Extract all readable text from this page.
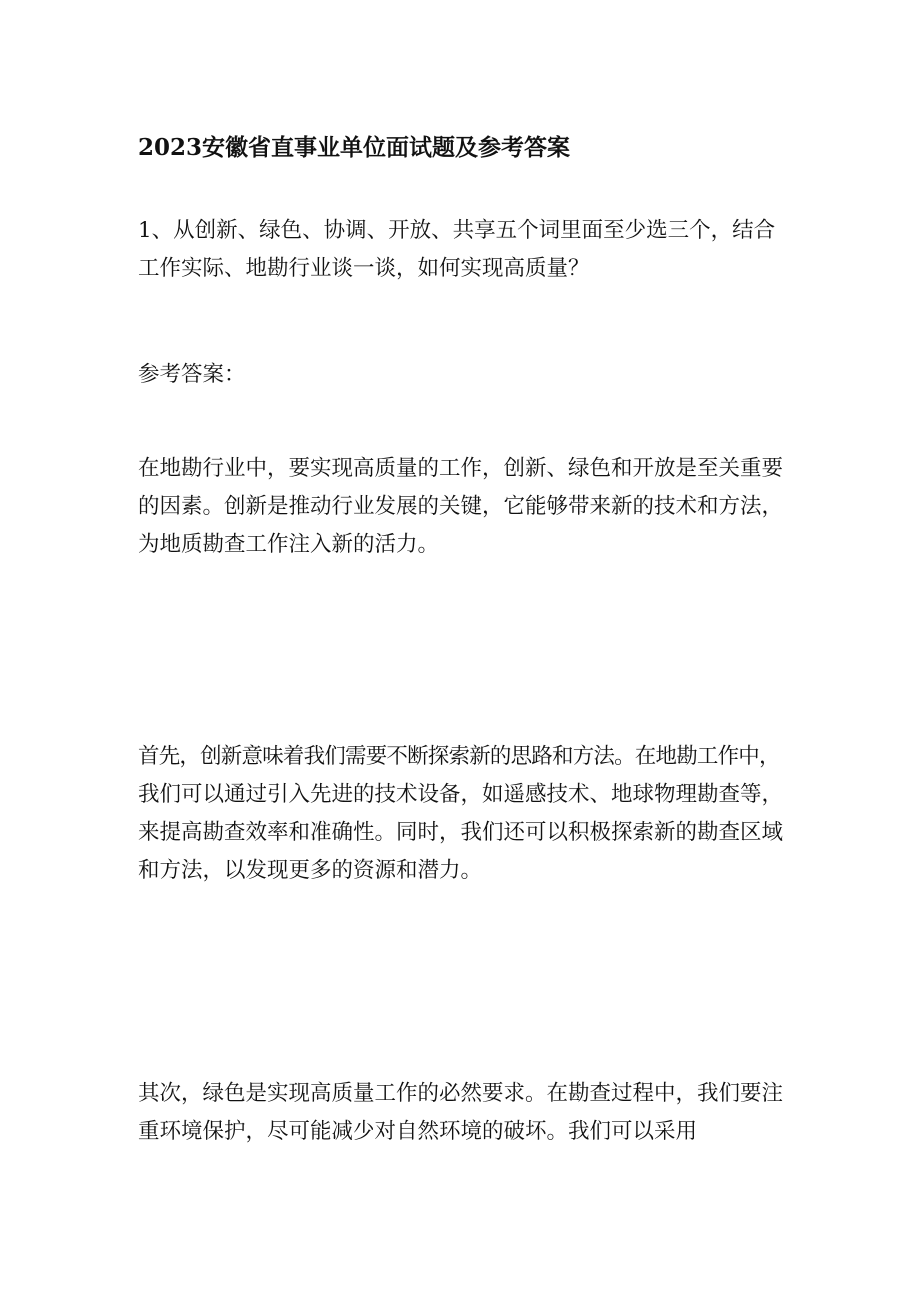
2023安徽省直事业单位面试题及参考答案
1、从创新、绿色、协调、开放、共享五个词里面至少选三个，结合
工作实际、地勘行业谈一谈，如何实现高质量？
参考答案：
在地勘行业中，要实现高质量的工作，创新、绿色和开放是至关重要
的因素。创新是推动行业发展的关键，它能够带来新的技术和方法，
为地质勘查工作注入新的活力。
首先，创新意味着我们需要不断探索新的思路和方法。在地勘工作中，
我们可以通过引入先进的技术设备，如遥感技术、地球物理勘查等，
来提高勘查效率和准确性。同时，我们还可以积极探索新的勘查区域
和方法，以发现更多的资源和潜力。
其次，绿色是实现高质量工作的必然要求。在勘查过程中，我们要注
重环境保护，尽可能减少对自然环境的破坏。我们可以采用
